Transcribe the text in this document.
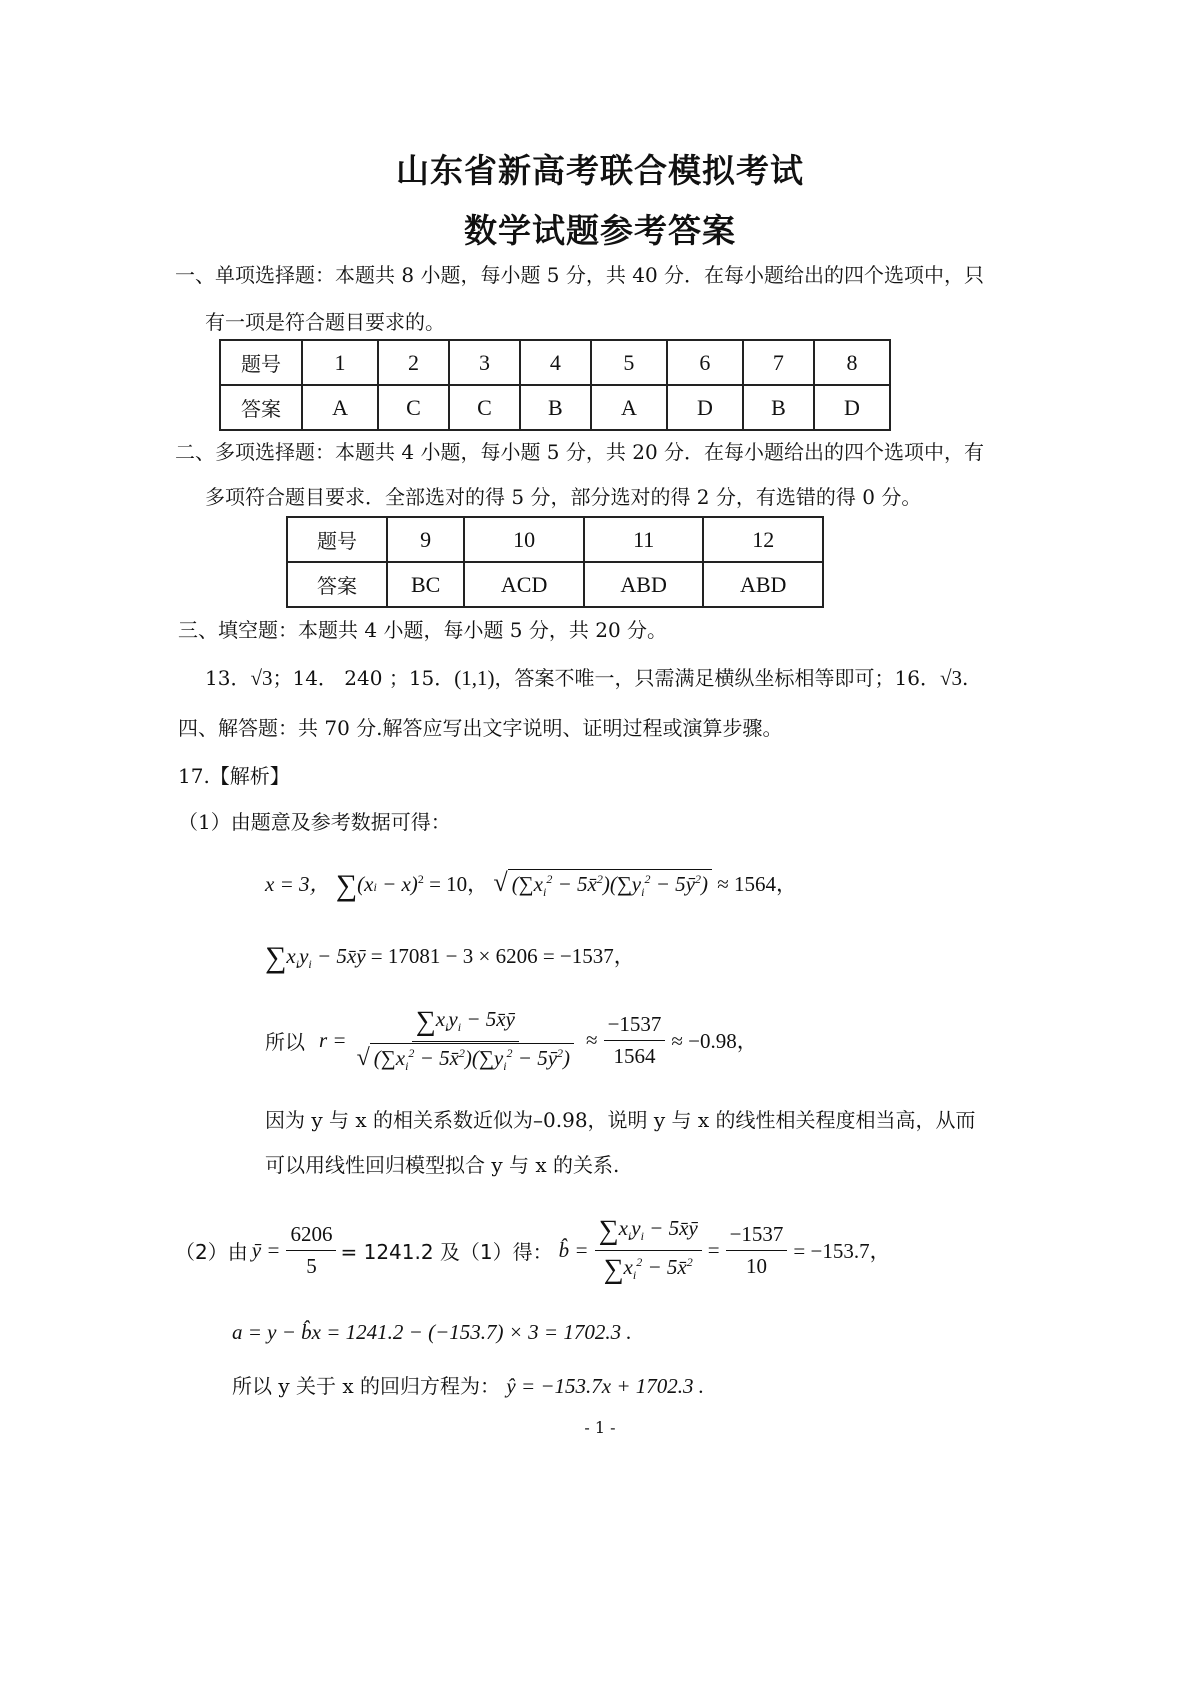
山东省新高考联合模拟考试
数学试题参考答案
一、单项选择题：本题共 8 小题，每小题 5 分，共 40 分．在每小题给出的四个选项中，只
有一项是符合题目要求的。
题号	1	2	3	4	5	6	7	8
答案	A	C	C	B	A	D	B	D
二、多项选择题：本题共 4 小题，每小题 5 分，共 20 分．在每小题给出的四个选项中，有
多项符合题目要求．全部选对的得 5 分，部分选对的得 2 分，有选错的得 0 分。
题号	9	10	11	12
答案	BC	ACD	ABD	ABD
三、填空题：本题共 4 小题，每小题 5 分，共 20 分。
13．√3；14． 240 ；15．(1,1)，答案不唯一，只需满足横纵坐标相等即可；16．√3.
四、解答题：共 70 分.解答应写出文字说明、证明过程或演算步骤。
17.【解析】
（1）由题意及参考数据可得：
x = 3， ∑(xi − x)$^2$ = 10， √ ($\sum x_i^2$ − $5x̄^2)(\sum y_i^2$ − $5ȳ^2) \approx 1564$，
$\sum x_iy_i$ − 5x̄ȳ = 17081 − 3 × 6206 = −1537，
所以 $r = \frac{\sum x_iy_i - 5x̄ȳ}{√ (\sum x_i^2 - 5x̄^2)(\sum y_i^2 - 5ȳ^2)} \approx \frac{-1537}{1564} \approx -0.98$，
因为 y 与 x 的相关系数近似为–0.98，说明 y 与 x 的线性相关程度相当高，从而
可以用线性回归模型拟合 y 与 x 的关系.
（2）由 ȳ = $\frac{6206}{5} = 1241.2$ 及（1）得： b̂ = $\frac{\sum x_iy_i - 5x̄ȳ}{\sum x_i^2 - 5x̄^2} = \frac{-1537}{10} = -153.7$，
a = y − b̂x = 1241.2 − (−153.7) × 3 = 1702.3 .
所以 y 关于 x 的回归方程为： ŷ = −153.7x + 1702.3 .
- 1 -
